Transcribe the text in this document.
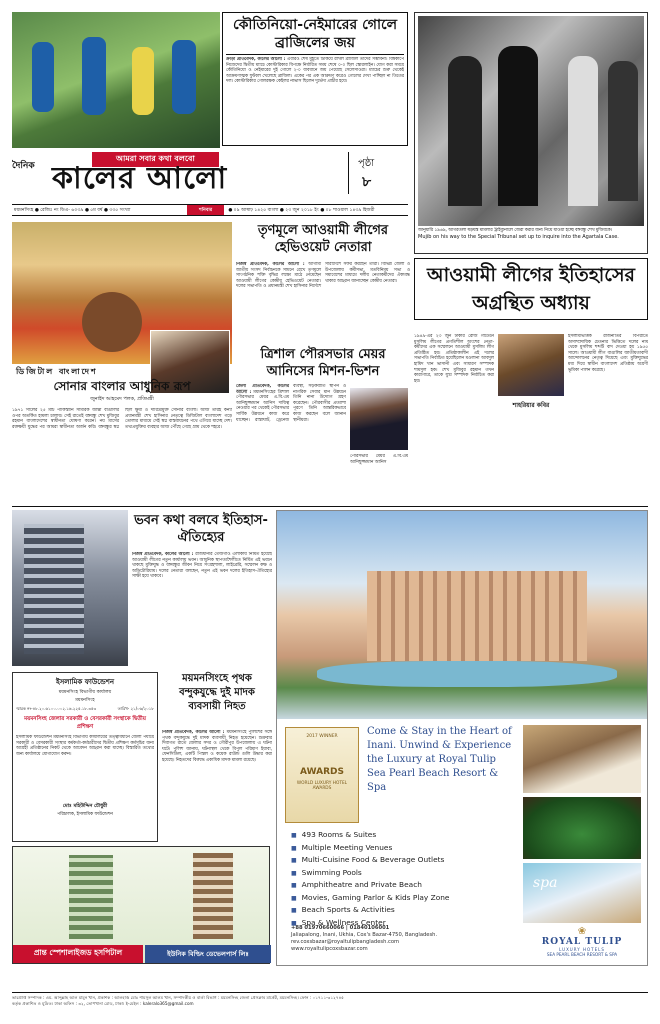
কৌতিনিয়ো-নেইমারের গোলে ব্রাজিলের জয়
ক্রীড়া প্রতিবেদক, কালের আলো : এবারও শেষ মুহূর্তে টিকিয়ে রাখল ব্রাজিল তাদের সম্ভাবনা। বিশ্বকাপে নিজেদের দ্বিতীয় ম্যাচে কোস্টারিকার বিপক্ষে নির্ধারিত সময় শেষে ০-০ ছিল স্কোরলাইন। যোগ করা সময়ে কৌতিনিয়ো ও নেইমারের দুই গোলে ২-০ ব্যবধানে জয় পেয়েছে সেলেসাওরা। ম্যাচের শুরু থেকেই আক্রমণাত্মক ফুটবল খেলেছে ব্রাজিল। একের পর এক আক্রমণ করেও গোলের দেখা পাচ্ছিল না তিতের দল। কোস্টারিকার গোলরক্ষক কেইলর নাভাস ছিলেন দুর্ভেদ্য প্রাচীর হয়ে।
দৈনিক
আমরা সবার কথা বলবো
কালের আলো	পৃষ্ঠা
৮
ময়মনসিংহ ● রেজিঃ নং ডিএ- ৬০৩৯ ● ৫ম বর্ষ ● ৩৩৫ সংখ্যা	শনিবার	● ০৯ আষাঢ় ১৪২৫ বাংলা ● ২৩ জুন ২০১৮ ইং ● ০৮ শাওয়াল ১৪৩৯ হিজরী
জানুয়ারি ১৯৬৯, আগরতলা ষড়যন্ত্র মামলার ট্রাইব্যুনালে জেরা করার জন্য নিয়ে যাওয়া হচ্ছে বঙ্গবন্ধু শেখ মুজিবকে।
Mujib on his way to the Special Tribunal set up to inquire into the Agartala Case.
আওয়ামী লীগের ইতিহাসের অগ্রন্থিত অধ্যায়
১৯৪৯-এর ২৩ জুন ঢাকার রোজ গার্ডেনে মুসলিম লীগের প্রগতিশীল অংশের নেতা-কর্মীদের এক সম্মেলনে আওয়ামী মুসলিম লীগ প্রতিষ্ঠিত হয়। প্রতিষ্ঠাকালীন এই দলের সভাপতি নির্বাচিত হয়েছিলেন মওলানা আবদুল হামিদ খান ভাসানী এবং সাধারণ সম্পাদক শামসুল হক। শেখ মুজিবুর রহমান তখন কারাগারে, তাকে যুগ্ম সম্পাদক নির্বাচিত করা হয়।
শাহরিয়ার কবির
ইসলামভিত্তিক রাজনীতির বিপরীতে অসাম্প্রদায়িক চেতনার ভিত্তিতে দলের নাম থেকে মুসলিম শব্দটি বাদ দেওয়া হয় ১৯৫৫ সালে। আওয়ামী লীগ বাঙালির জাতীয়তাবাদী আন্দোলনের নেতৃত্ব দিয়েছে এবং মুক্তিযুদ্ধের মধ্য দিয়ে স্বাধীন বাংলাদেশ প্রতিষ্ঠায় অগ্রণী ভূমিকা পালন করেছে।
ডিজিটাল বাংলাদেশ
সোনার বাংলার আধুনিক রূপ
জুনাইদ আহমেদ পলক, প্রতিমন্ত্রী
১৯৭১ সালের ২৫ মার্চ পাকিস্তানি সামরিক জান্তা বাঙালির ওপর অতর্কিত হামলা চালায়। সেই রাতেই বঙ্গবন্ধু শেখ মুজিবুর রহমান বাংলাদেশের স্বাধীনতা ঘোষণা করেন। নয় মাসের রক্তক্ষয়ী যুদ্ধের পর আমরা স্বাধীনতা অর্জন করি। বঙ্গবন্ধুর স্বপ্ন ছিল ক্ষুধা ও দারিদ্র্যমুক্ত সোনার বাংলা। আজ তারই কন্যা প্রধানমন্ত্রী শেখ হাসিনার নেতৃত্বে ডিজিটাল বাংলাদেশ গড়ে তোলার মাধ্যমে সেই স্বপ্ন বাস্তবায়নের পথে এগিয়ে যাচ্ছে দেশ। তথ্যপ্রযুক্তির ব্যবহার আজ পৌঁছে গেছে গ্রাম থেকে শহরে।
তৃণমূলে আওয়ামী লীগের হেভিওয়েট নেতারা
নিজস্ব প্রতিবেদক, কালের আলো : আগামী জাতীয় সংসদ নির্বাচনকে সামনে রেখে তৃণমূলে সাংগঠনিক শক্তি বৃদ্ধির লক্ষ্যে মাঠে নেমেছেন আওয়ামী লীগের কেন্দ্রীয় হেভিওয়েট নেতারা। দলের সভাপতি ও প্রধানমন্ত্রী শেখ হাসিনার নির্দেশে সারাদেশে সফর করছেন তারা। বিভিন্ন জেলা ও উপজেলায় কর্মীসভা, মতবিনিময় সভা ও সমাবেশের মাধ্যমে দলীয় নেতাকর্মীদের ঐক্যবদ্ধ থাকার আহ্বান জানাচ্ছেন কেন্দ্রীয় নেতারা।
ত্রিশাল পৌরসভার মেয়র আনিসের মিশন-ভিশন
জেলা প্রতিবেদক, কালের আলো : ময়মনসিংহের ত্রিশাল পৌরসভার মেয়র এ.বি.এম আনিছুজ্জামান আনিস দায়িত্ব নেওয়ার পর থেকেই পৌরসভার সার্বিক উন্নয়নে কাজ করে যাচ্ছেন। রাস্তাঘাট, ড্রেনেজ ব্যবস্থা, সড়কবাতি স্থাপন ও নাগরিক সেবার মান উন্নয়নে তিনি নানা উদ্যোগ গ্রহণ করেছেন। পৌরবাসীর প্রত্যাশা পূরণে তিনি আন্তরিকভাবে কাজ করছেন বলে জানান স্থানীয়রা।
পৌরসভার মেয়র এ.বি.এম আনিছুজ্জামান আনিস
ভবন কথা বলবে ইতিহাস-ঐতিহ্যের
নিজস্ব প্রতিবেদক, কালের আলো : রাজধানীর তেজগাঁও এলাকায় নির্মিত হয়েছে আওয়ামী লীগের নতুন কার্যালয় ভবন। আধুনিক স্থাপত্যশৈলীতে নির্মিত এই ভবনে থাকছে মুক্তিযুদ্ধ ও বঙ্গবন্ধুর জীবন নিয়ে সংগ্রহশালা, লাইব্রেরি, সম্মেলন কক্ষ ও অডিটোরিয়াম। দলের নেতারা বলছেন, নতুন এই ভবন দলের ইতিহাস-ঐতিহ্যের সাক্ষী হয়ে থাকবে।
ইসলামিক ফাউন্ডেশন
ময়মনসিংহ বিভাগীয় কার্যালয়
ময়মনসিংহ
স্মারক নং-৪৮.২০.৬১০০.০০২.১৬.২২৫.১৮.৩৫৩	তারিখ- ২১/০৬/২০১৮
ময়মনসিংহ জেলার সরকারী ও বেসরকারী সংস্থাকে দ্বিতীয় প্রশিক্ষণ
ইসলামিক ফাউন্ডেশন ময়মনসিংহ বিভাগীয় কার্যালয়ের তত্ত্বাবধানে জেলা পর্যায়ে সরকারী ও বেসরকারী সংস্থার কর্মকর্তা-কর্মচারীদের দ্বিতীয় প্রশিক্ষণ কর্মসূচির জন্য আগ্রহী প্রতিষ্ঠানের নিকট থেকে আবেদন আহ্বান করা যাচ্ছে। বিস্তারিত তথ্যের জন্য কার্যালয়ে যোগাযোগ করুন।
মোঃ মহিউদ্দিন চৌধুরী
পরিচালক, ইসলামিক ফাউন্ডেশন
ময়মনসিংহে পৃথক বন্দুকযুদ্ধে দুই মাদক ব্যবসায়ী নিহত
নিজস্ব প্রতিবেদক, কালের আলো : ময়মনসিংহে পুলিশের সঙ্গে পৃথক বন্দুকযুদ্ধে দুই মাদক ব্যবসায়ী নিহত হয়েছেন। শুক্রবার দিবাগত রাতে জেলার সদর ও গৌরীপুর উপজেলায় এ ঘটনা ঘটে। পুলিশ জানায়, ঘটনাস্থল থেকে বিপুল পরিমাণ ইয়াবা, ফেনসিডিল, একটি পিস্তল ও কয়েক রাউন্ড গুলি উদ্ধার করা হয়েছে। নিহতদের বিরুদ্ধে একাধিক মাদক মামলা রয়েছে।
প্রান্ত স্পেশালাইজড হসপিটাল	ইউনিক বিল্ডিং ডেভেলপার্স লিঃ
2017 WINNER
AWARDS
WORLD LUXURY HOTEL AWARDS
Come & Stay in the Heart of Inani. Unwind & Experience the Luxury at Royal Tulip Sea Pearl Beach Resort & Spa
spa
■ 493 Rooms & Suites
■ Multiple Meeting Venues
■ Multi-Cuisine Food & Beverage Outlets
■ Swimming Pools
■ Amphitheatre and Private Beach
■ Movies, Gaming Parlor & Kids Play Zone
■ Beach Sports & Activities
■ Spa & Wellness Center
+88 01970660066 | 01840106001
Jaliapalong, Inani, Ukhia, Cox's Bazar-4750, Bangladesh.
rev.coxsbazar@royaltulipbangladesh.com
www.royaltulipcoxsbazar.com
❀
ROYAL TULIP
LUXURY HOTELS
SEA PEARL BEACH RESORT & SPA
ভারপ্রাপ্ত সম্পাদক : এম. আব্দুল্লাহ আল মামুন খান, প্রকাশক : আলহাজ্ব মোঃ শামসুল আলম খান, সম্পাদকীয় ও বার্তা বিভাগ : ময়মনসিংহ জেলা প্রেসক্লাব মার্কেট, ময়মনসিংহ। ফোন : ০১৭১১-৩১২৭৪৫
কর্তৃক প্রকাশিত ও মুদ্রিত। ঢাকা অফিস : ৩২, তোপখানা রোড, ঢাকা। ই-মেইল : kaleralo365@gmail.com
